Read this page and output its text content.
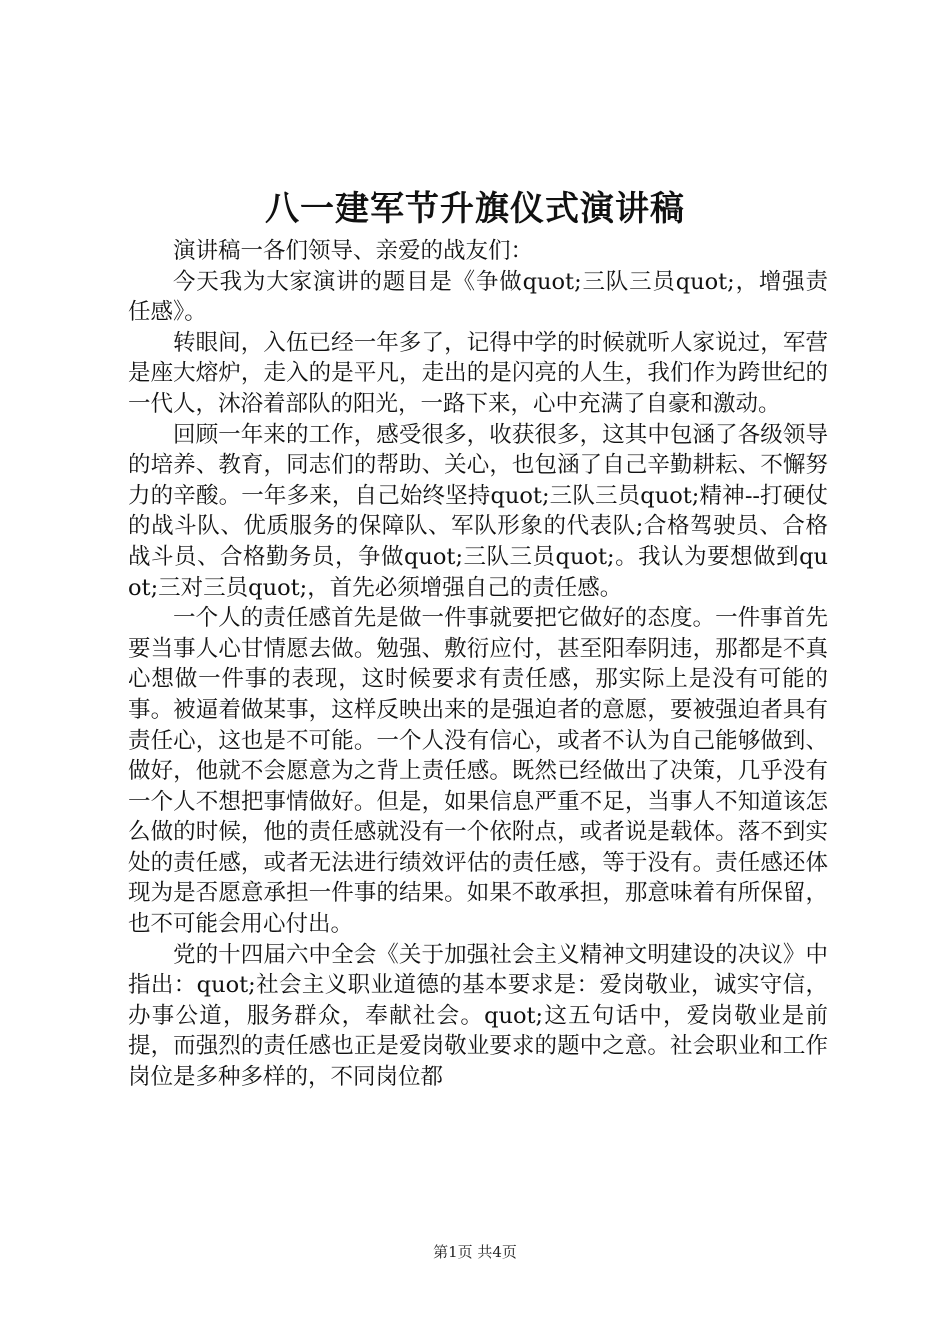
八一建军节升旗仪式演讲稿

演讲稿一各们领导、亲爱的战友们：

今天我为大家演讲的题目是《争做quot;三队三员quot;，增强责任感》。

转眼间，入伍已经一年多了，记得中学的时候就听人家说过，军营是座大熔炉，走入的是平凡，走出的是闪亮的人生，我们作为跨世纪的一代人，沐浴着部队的阳光，一路下来，心中充满了自豪和激动。

回顾一年来的工作，感受很多，收获很多，这其中包涵了各级领导的培养、教育，同志们的帮助、关心，也包涵了自己辛勤耕耘、不懈努力的辛酸。一年多来，自己始终坚持quot;三队三员quot;精神--打硬仗的战斗队、优质服务的保障队、军队形象的代表队;合格驾驶员、合格战斗员、合格勤务员，争做quot;三队三员quot;。我认为要想做到quot;三对三员quot;，首先必须增强自己的责任感。

一个人的责任感首先是做一件事就要把它做好的态度。一件事首先要当事人心甘情愿去做。勉强、敷衍应付，甚至阳奉阴违，那都是不真心想做一件事的表现，这时候要求有责任感，那实际上是没有可能的事。被逼着做某事，这样反映出来的是强迫者的意愿，要被强迫者具有责任心，这也是不可能。一个人没有信心，或者不认为自己能够做到、做好，他就不会愿意为之背上责任感。既然已经做出了决策，几乎没有一个人不想把事情做好。但是，如果信息严重不足，当事人不知道该怎么做的时候，他的责任感就没有一个依附点，或者说是载体。落不到实处的责任感，或者无法进行绩效评估的责任感，等于没有。责任感还体现为是否愿意承担一件事的结果。如果不敢承担，那意味着有所保留，也不可能会用心付出。

党的十四届六中全会《关于加强社会主义精神文明建设的决议》中指出：quot;社会主义职业道德的基本要求是：爱岗敬业，诚实守信，办事公道，服务群众，奉献社会。quot;这五句话中，爱岗敬业是前提，而强烈的责任感也正是爱岗敬业要求的题中之意。社会职业和工作岗位是多种多样的，不同岗位都

第1页 共4页
